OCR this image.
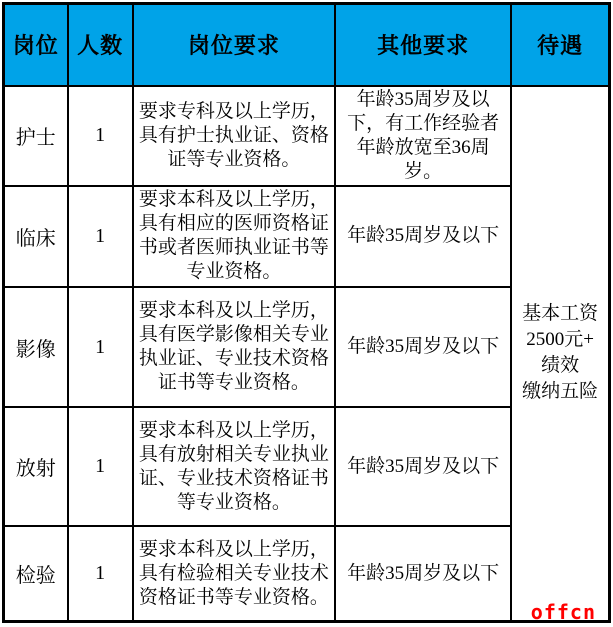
岗位	人数	岗位要求	其他要求	待遇
护士	1	要求专科及以上学历，具有护士执业证、资格证等专业资格。	年龄35周岁及以下，有工作经验者年龄放宽至36周岁。	基本工资
2500元+
绩效
缴纳五险
offcn

临床	1	要求本科及以上学历，具有相应的医师资格证书或者医师执业证书等专业资格。	年龄35周岁及以下	
影像	1	要求本科及以上学历，具有医学影像相关专业执业证、专业技术资格证书等专业资格。	年龄35周岁及以下	
放射	1	要求本科及以上学历，具有放射相关专业执业证、专业技术资格证书等专业资格。	年龄35周岁及以下	
检验	1	要求本科及以上学历，具有检验相关专业技术资格证书等专业资格。	年龄35周岁及以下	
